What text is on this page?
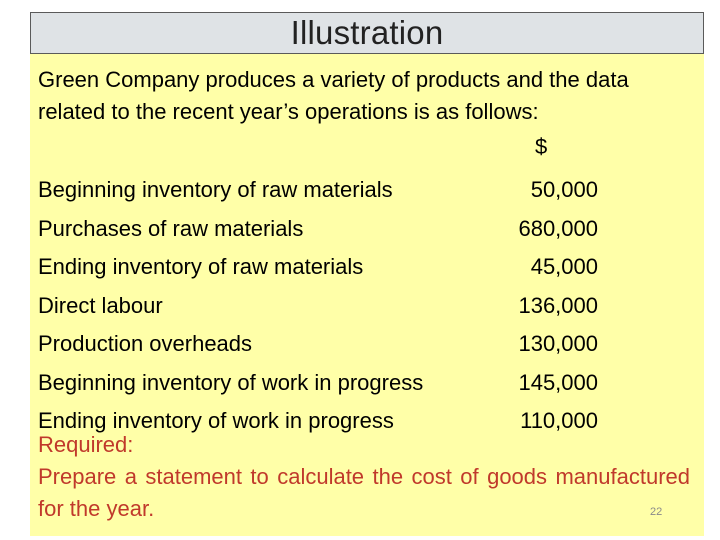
Illustration
Green Company produces a variety of products and the data related to the recent year’s operations is as follows:
$
Beginning inventory of raw materials	50,000
Purchases of raw materials	680,000
Ending inventory of raw materials	45,000
Direct labour	136,000
Production overheads	130,000
Beginning inventory of work in progress	145,000
Ending inventory of work in progress	110,000
Required:
Prepare a statement to calculate the cost of goods manufactured for the year.	22
